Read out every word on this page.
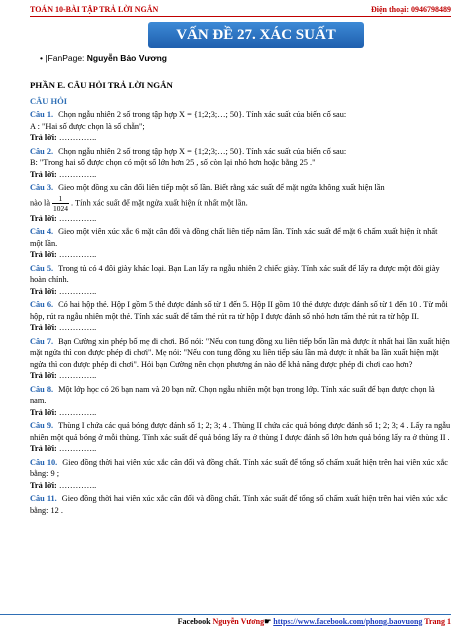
TOÁN 10-BÀI TẬP TRẢ LỜI NGẮN	Điện thoại: 0946798489
VẤN ĐỀ 27. XÁC SUẤT
• |FanPage: Nguyễn Bảo Vương
PHẦN E. CÂU HỎI TRẢ LỜI NGẮN
CÂU HỎI
Câu 1. Chọn ngẫu nhiên 2 số trong tập hợp X = {1;2;3;…; 50}. Tính xác suất của biến cố sau:
A : "Hai số được chọn là số chẵn";
Trả lời: …………..
Câu 2. Chọn ngẫu nhiên 2 số trong tập hợp X = {1;2;3;…; 50}. Tính xác suất của biến cố sau:
B: "Trong hai số được chọn có một số lớn hơn 25 , số còn lại nhỏ hơn hoặc bằng 25 ."
Trả lời: …………..
Câu 3. Gieo một đồng xu cân đối liên tiếp một số lần. Biết rằng xác suất để mặt ngửa không xuất hiện lần
nào là $\frac{1}{1024}$ . Tính xác suất để mặt ngửa xuất hiện ít nhất một lần.
Trả lời: …………..
Câu 4. Gieo một viên xúc xắc 6 mặt cân đối và đồng chất liên tiếp năm lần. Tính xác suất để mặt 6 chấm xuất hiện ít nhất một lần.
Trả lời: …………..
Câu 5. Trong tủ có 4 đôi giày khác loại. Bạn Lan lấy ra ngẫu nhiên 2 chiếc giày. Tính xác suất để lấy ra được một đôi giày hoàn chỉnh.
Trả lời: …………..
Câu 6. Có hai hộp thẻ. Hộp I gồm 5 thẻ được đánh số từ 1 đến 5. Hộp II gồm 10 thẻ được được đánh số từ 1 đến 10 . Từ mỗi hộp, rút ra ngẫu nhiên một thẻ. Tính xác suất để tấm thẻ rút ra từ hộp I được đánh số nhỏ hơn tấm thẻ rút ra từ hộp II.
Trả lời: …………..
Câu 7. Bạn Cường xin phép bố mẹ đi chơi. Bố nói: "Nếu con tung đồng xu liên tiếp bốn lần mà được ít nhất hai lần xuất hiện mặt ngửa thì con được phép đi chơi". Mẹ nói: "Nếu con tung đồng xu liên tiếp sáu lần mà được ít nhất ba lần xuất hiện mặt ngửa thì con được phép đi chơi". Hỏi bạn Cường nên chọn phương án nào để khả năng được phép đi chơi cao hơn?
Trả lời: …………..
Câu 8. Một lớp học có 26 bạn nam và 20 bạn nữ. Chọn ngẫu nhiên một bạn trong lớp. Tính xác suất để bạn được chọn là nam.
Trả lời: …………..
Câu 9. Thùng I chứa các quả bóng được đánh số 1; 2; 3; 4 . Thùng II chứa các quả bóng được đánh số 1; 2; 3; 4 . Lấy ra ngẫu nhiên một quả bóng ở mỗi thùng. Tính xác suất để quả bóng lấy ra ở thùng I được đánh số lớn hơn quả bóng lấy ra ở thùng II .
Trả lời: …………..
Câu 10. Gieo đồng thời hai viên xúc xắc cân đối và đồng chất. Tính xác suất để tổng số chấm xuất hiện trên hai viên xúc xắc bằng: 9 ;
Trả lời: …………..
Câu 11. Gieo đồng thời hai viên xúc xắc cân đối và đồng chất. Tính xác suất để tổng số chấm xuất hiện trên hai viên xúc xắc bằng: 12 .
Facebook Nguyễn Vương☛ https://www.facebook.com/phong.baovuong Trang 1
